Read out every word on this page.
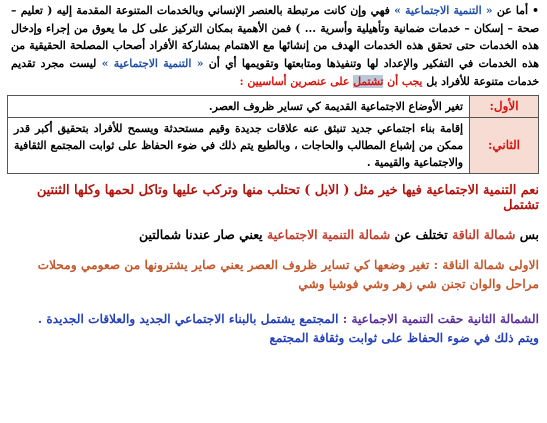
•أما عن « التنمية الاجتماعية » فهي وإن كانت مرتبطة بالعنصر الإنساني وبالخدمات المتنوعة المقدمة إليه ( تعليم – صحة – إسكان – خدمات ضمانية وتأهيلية وأسرية ... ) فمن الأهمية بمكان التركيز على كل ما يعوق من إجراء وإدخال هذه الخدمات حتى تحقق هذه الخدمات الهدف من إنشائها مع الاهتمام بمشاركة الأفراد أصحاب المصلحة الحقيقية من هذه الخدمات في التفكير والإعداد لها وتنفيذها ومتابعتها وتقويمها أي أن « التنمية الاجتماعية » ليست مجرد تقديم خدمات متنوعة للأفراد بل يجب أن تشتمل على عنصرين أساسيين :
الأول:	تغير الأوضاع الاجتماعية القديمة كي تساير ظروف العصر.
الثاني:	إقامة بناء اجتماعي جديد تنبثق عنه علاقات جديدة وقيم مستحدثة ويسمح للأفراد بتحقيق أكبر قدر ممكن من إشباع المطالب والحاجات ، وبالطبع يتم ذلك في ضوء الحفاظ على ثوابت المجتمع الثقافية والاجتماعية والقيمية .
نعم التنمية الاجتماعية فيها خير مثل ( الابل ) تحتلب منها وتركب عليها وتاكل لحمها وكلها الثنتين تشتمل
بس شمالة الناقة تختلف عن شمالة التنمية الاجتماعية يعني صار عندنا شمالتين
الاولى شمالة الناقة : تغير وضعها كي تساير ظروف العصر يعني صاير يشترونها من صعومي ومحلات مراحل والوان تجنن شي زهر وشي فوشيا وشي
الشمالة الثانية حقت التنمية الاجماعية : المجتمع يشتمل بالبناء الاجتماعي الجديد والعلاقات الجديدة .
ويتم ذلك في ضوء الحفاظ على ثوابت وثقافة المجتمع
